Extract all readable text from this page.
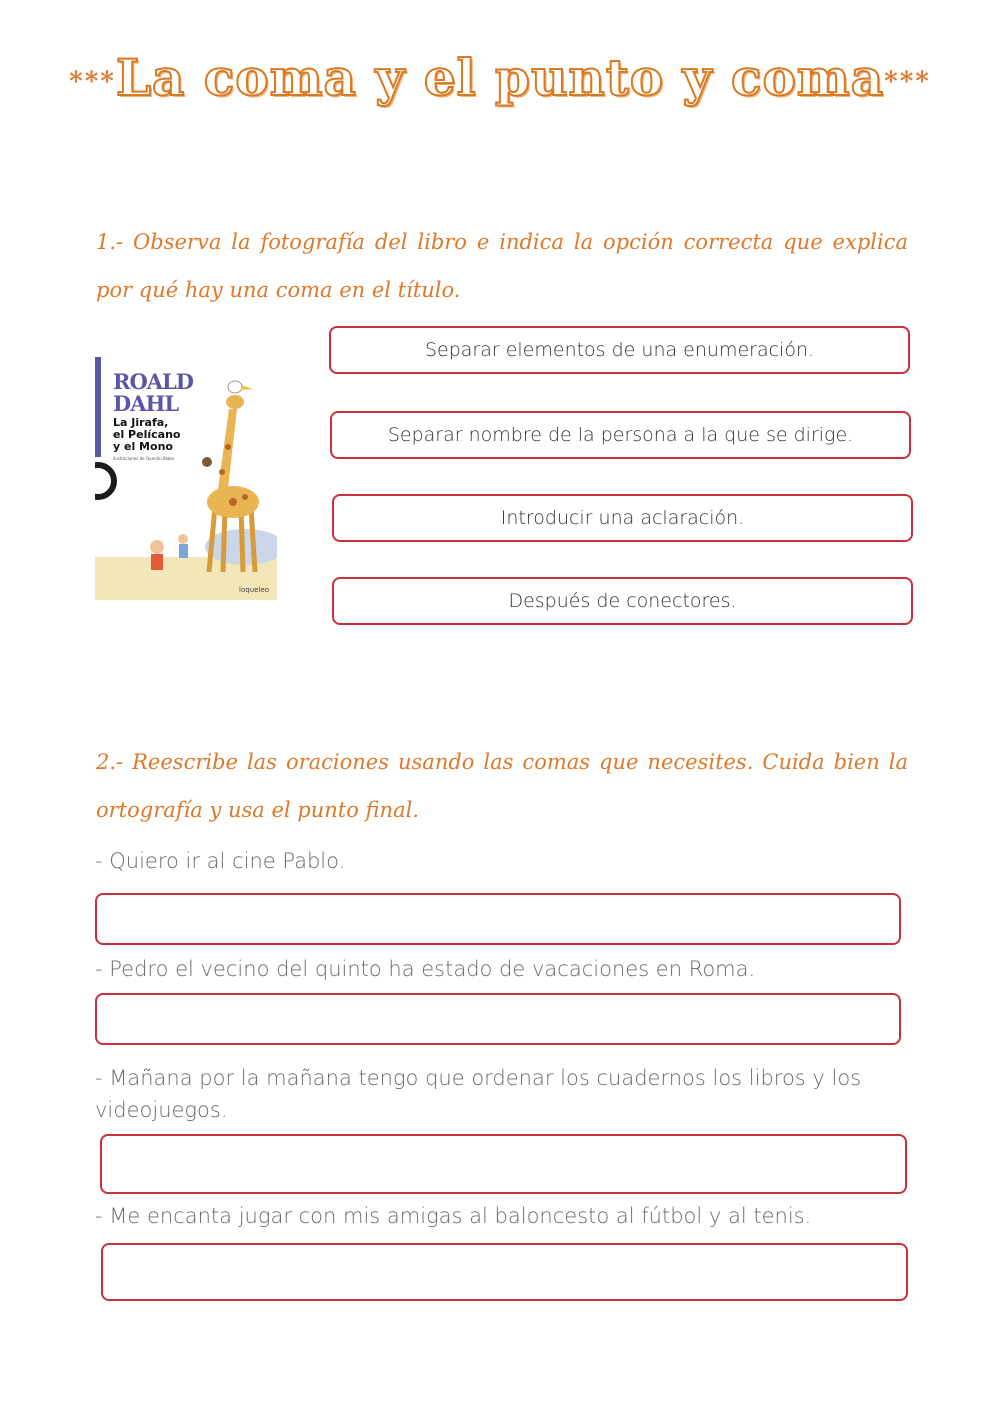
***La coma y el punto y coma***
1.- Observa la fotografía del libro e indica la opción correcta que explica por qué hay una coma en el título.
ROALD
DAHL
La Jirafa,
el Pelícano
y el Mono
ilustraciones de Quentin Blake
loqueleo
Separar elementos de una enumeración.
Separar nombre de la persona a la que se dirige.
Introducir una aclaración.
Después de conectores.
2.- Reescribe las oraciones usando las comas que necesites. Cuida bien la ortografía y usa el punto final.
- Quiero ir al cine Pablo.
- Pedro el vecino del quinto ha estado de vacaciones en Roma.
- Mañana por la mañana tengo que ordenar los cuadernos los libros y los videojuegos.
- Me encanta jugar con mis amigas al baloncesto al fútbol y al tenis.
